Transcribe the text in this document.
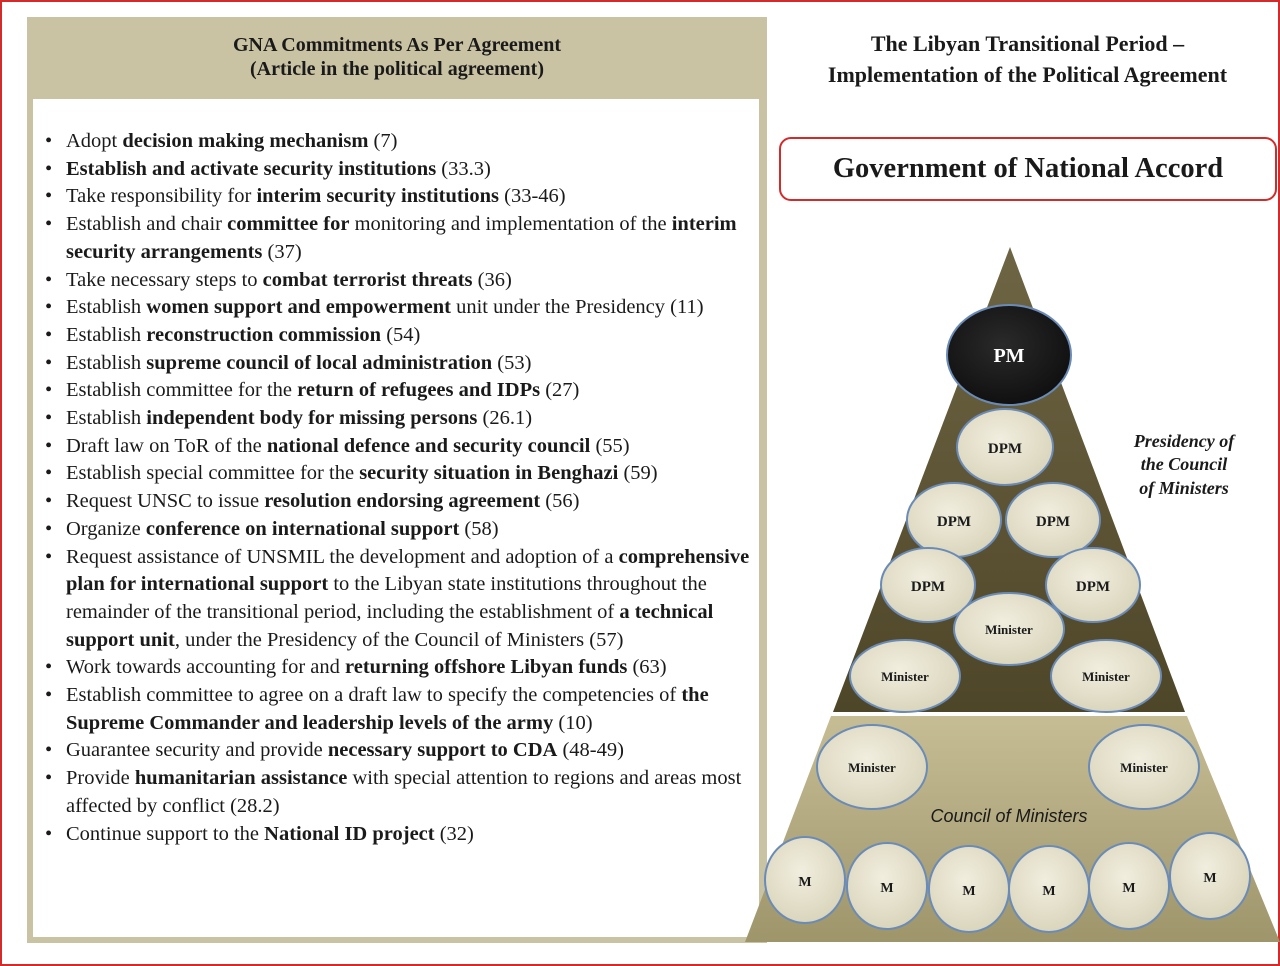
GNA Commitments As Per Agreement
(Article in the political agreement)
• Adopt decision making mechanism (7)
• Establish and activate security institutions (33.3)
• Take responsibility for interim security institutions (33-46)
• Establish and chair committee for monitoring and implementation of the interim security arrangements (37)
• Take necessary steps to combat terrorist threats (36)
• Establish women support and empowerment unit under the Presidency (11)
• Establish reconstruction commission (54)
• Establish supreme council of local administration (53)
• Establish committee for the return of refugees and IDPs (27)
• Establish independent body for missing persons (26.1)
• Draft law on ToR of the national defence and security council (55)
• Establish special committee for the security situation in Benghazi (59)
• Request UNSC to issue resolution endorsing agreement (56)
• Organize conference on international support (58)
• Request assistance of UNSMIL the development and adoption of a comprehensive plan for international support to the Libyan state institutions throughout the remainder of the transitional period, including the establishment of a technical support unit, under the Presidency of the Council of Ministers (57)
• Work towards accounting for and returning offshore Libyan funds (63)
• Establish committee to agree on a draft law to specify the competencies of the Supreme Commander and leadership levels of the army (10)
• Guarantee security and provide necessary support to CDA (48-49)
• Provide humanitarian assistance with special attention to regions and areas most affected by conflict (28.2)
• Continue support to the National ID project (32)
The Libyan Transitional Period –
Implementation of the Political Agreement
Government of National Accord
PM
DPM
DPM	DPM
DPM	DPM
Minister
Minister	Minister
Presidency of
the Council
of Ministers
Minister	Minister
Council of Ministers
M	M	M	M	M
M
